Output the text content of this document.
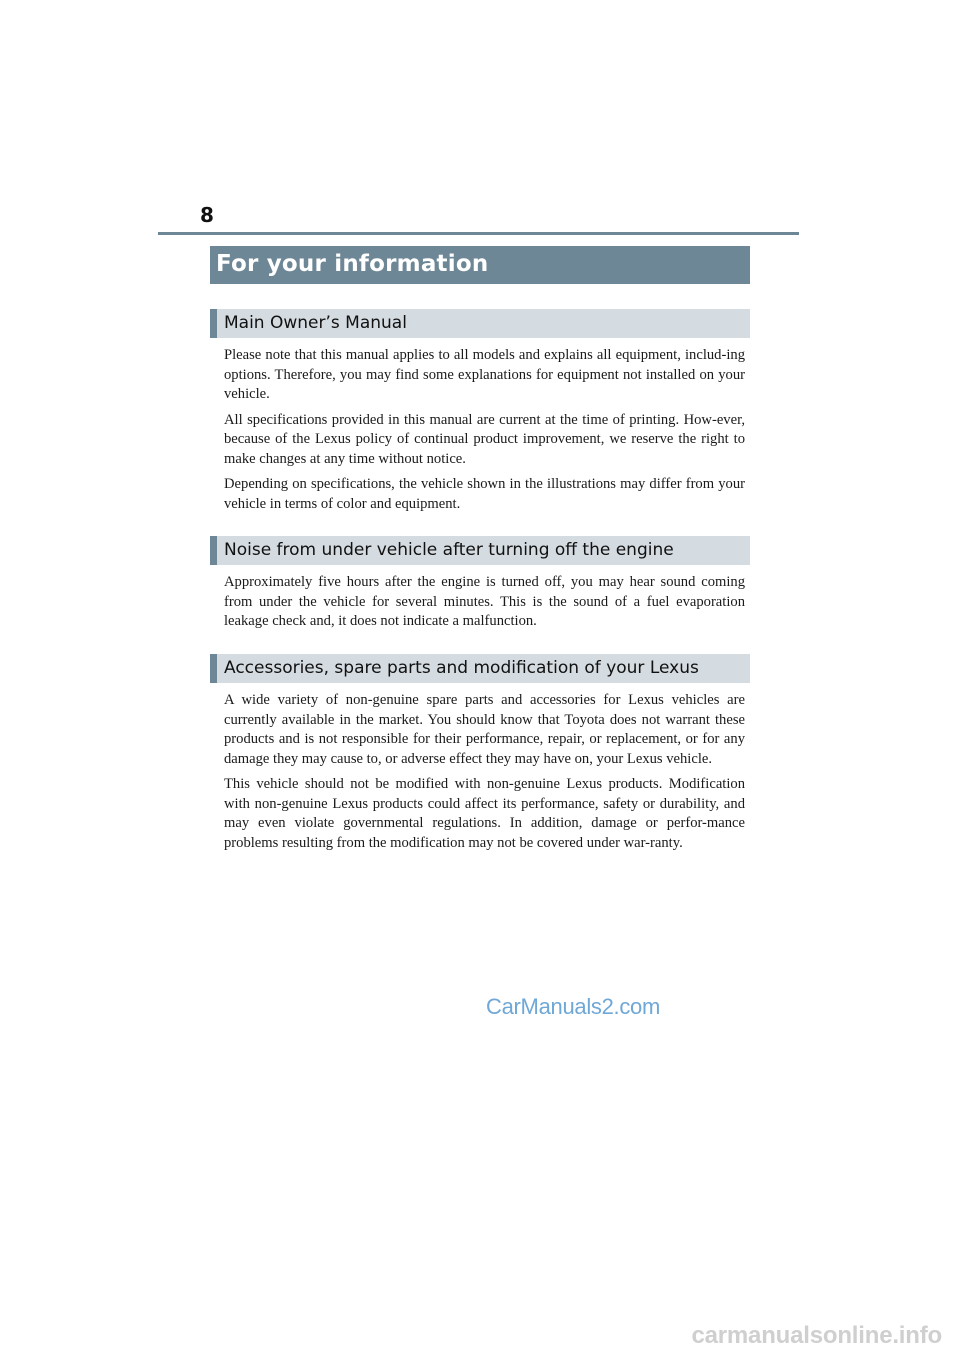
8
For your information
Main Owner’s Manual

Please note that this manual applies to all models and explains all equipment, includ-ing options. Therefore, you may find some explanations for equipment not installed on your vehicle.

All specifications provided in this manual are current at the time of printing. How-ever, because of the Lexus policy of continual product improvement, we reserve the right to make changes at any time without notice.

Depending on specifications, the vehicle shown in the illustrations may differ from your vehicle in terms of color and equipment.

Noise from under vehicle after turning off the engine

Approximately five hours after the engine is turned off, you may hear sound coming from under the vehicle for several minutes. This is the sound of a fuel evaporation leakage check and, it does not indicate a malfunction.

Accessories, spare parts and modification of your Lexus

A wide variety of non-genuine spare parts and accessories for Lexus vehicles are currently available in the market. You should know that Toyota does not warrant these products and is not responsible for their performance, repair, or replacement, or for any damage they may cause to, or adverse effect they may have on, your Lexus vehicle.

This vehicle should not be modified with non-genuine Lexus products. Modification with non-genuine Lexus products could affect its performance, safety or durability, and may even violate governmental regulations. In addition, damage or perfor-mance problems resulting from the modification may not be covered under war-ranty.

CarManuals2.com
carmanualsonline.info
